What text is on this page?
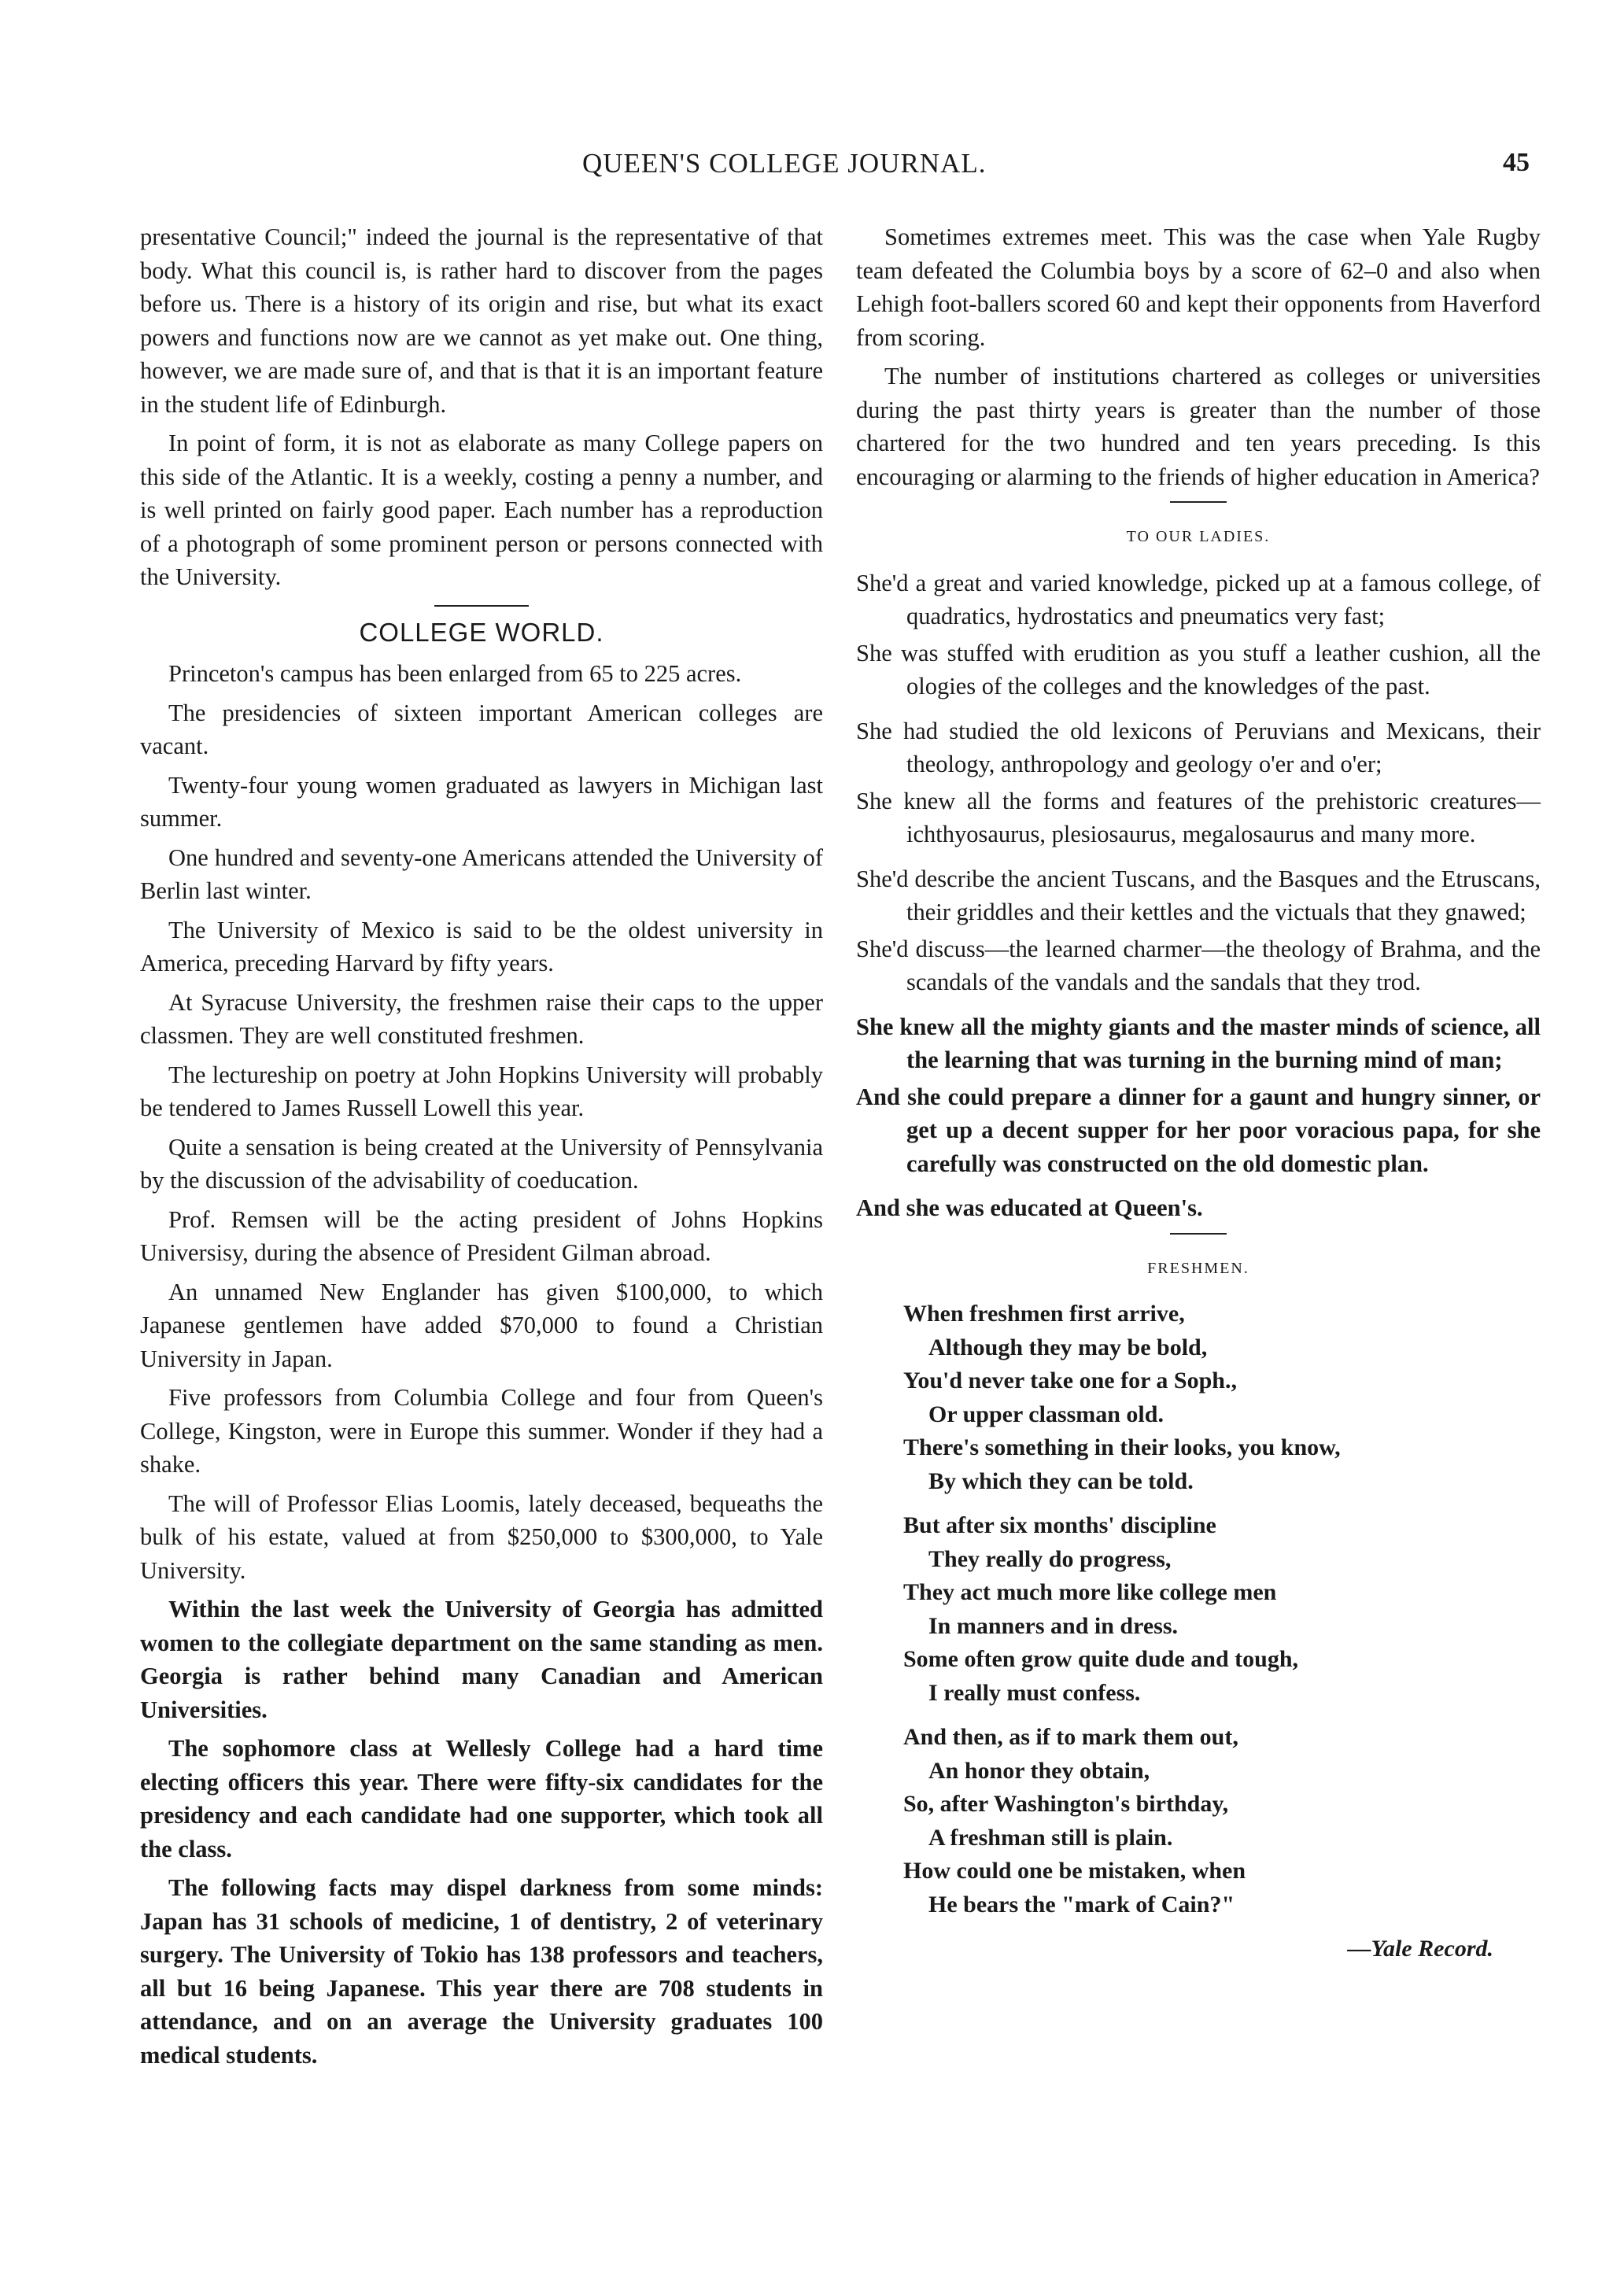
QUEEN'S COLLEGE JOURNAL.	45

presentative Council;" indeed the journal is the representative of that body. What this council is, is rather hard to discover from the pages before us. There is a history of its origin and rise, but what its exact powers and functions now are we cannot as yet make out. One thing, however, we are made sure of, and that is that it is an important feature in the student life of Edinburgh.

In point of form, it is not as elaborate as many College papers on this side of the Atlantic. It is a weekly, costing a penny a number, and is well printed on fairly good paper. Each number has a reproduction of a photograph of some prominent person or persons connected with the University.

COLLEGE WORLD.

Princeton's campus has been enlarged from 65 to 225 acres.

The presidencies of sixteen important American colleges are vacant.

Twenty-four young women graduated as lawyers in Michigan last summer.

One hundred and seventy-one Americans attended the University of Berlin last winter.

The University of Mexico is said to be the oldest university in America, preceding Harvard by fifty years.

At Syracuse University, the freshmen raise their caps to the upper classmen. They are well constituted freshmen.

The lectureship on poetry at John Hopkins University will probably be tendered to James Russell Lowell this year.

Quite a sensation is being created at the University of Pennsylvania by the discussion of the advisability of coeducation.

Prof. Remsen will be the acting president of Johns Hopkins Universisy, during the absence of President Gilman abroad.

An unnamed New Englander has given $100,000, to which Japanese gentlemen have added $70,000 to found a Christian University in Japan.

Five professors from Columbia College and four from Queen's College, Kingston, were in Europe this summer. Wonder if they had a shake.

The will of Professor Elias Loomis, lately deceased, bequeaths the bulk of his estate, valued at from $250,000 to $300,000, to Yale University.

Within the last week the University of Georgia has admitted women to the collegiate department on the same standing as men. Georgia is rather behind many Canadian and American Universities.

The sophomore class at Wellesly College had a hard time electing officers this year. There were fifty-six candidates for the presidency and each candidate had one supporter, which took all the class.

The following facts may dispel darkness from some minds: Japan has 31 schools of medicine, 1 of dentistry, 2 of veterinary surgery. The University of Tokio has 138 professors and teachers, all but 16 being Japanese. This year there are 708 students in attendance, and on an average the University graduates 100 medical students.

Sometimes extremes meet. This was the case when Yale Rugby team defeated the Columbia boys by a score of 62–0 and also when Lehigh foot-ballers scored 60 and kept their opponents from Haverford from scoring.

The number of institutions chartered as colleges or universities during the past thirty years is greater than the number of those chartered for the two hundred and ten years preceding. Is this encouraging or alarming to the friends of higher education in America?

TO OUR LADIES.
She'd a great and varied knowledge, picked up at a famous college, of quadratics, hydrostatics and pneumatics very fast;
She was stuffed with erudition as you stuff a leather cushion, all the ologies of the colleges and the knowledges of the past.
She had studied the old lexicons of Peruvians and Mexicans, their theology, anthropology and geology o'er and o'er;
She knew all the forms and features of the prehistoric creatures—ichthyosaurus, plesiosaurus, megalosaurus and many more.
She'd describe the ancient Tuscans, and the Basques and the Etruscans, their griddles and their kettles and the victuals that they gnawed;
She'd discuss—the learned charmer—the theology of Brahma, and the scandals of the vandals and the sandals that they trod.
She knew all the mighty giants and the master minds of science, all the learning that was turning in the burning mind of man;
And she could prepare a dinner for a gaunt and hungry sinner, or get up a decent supper for her poor voracious papa, for she carefully was constructed on the old domestic plan.
And she was educated at Queen's.
FRESHMEN.
When freshmen first arrive,
Although they may be bold,
You'd never take one for a Soph.,
Or upper classman old.
There's something in their looks, you know,
By which they can be told.
But after six months' discipline
They really do progress,
They act much more like college men
In manners and in dress.
Some often grow quite dude and tough,
I really must confess.
And then, as if to mark them out,
An honor they obtain,
So, after Washington's birthday,
A freshman still is plain.
How could one be mistaken, when
He bears the "mark of Cain?"
—Yale Record.
